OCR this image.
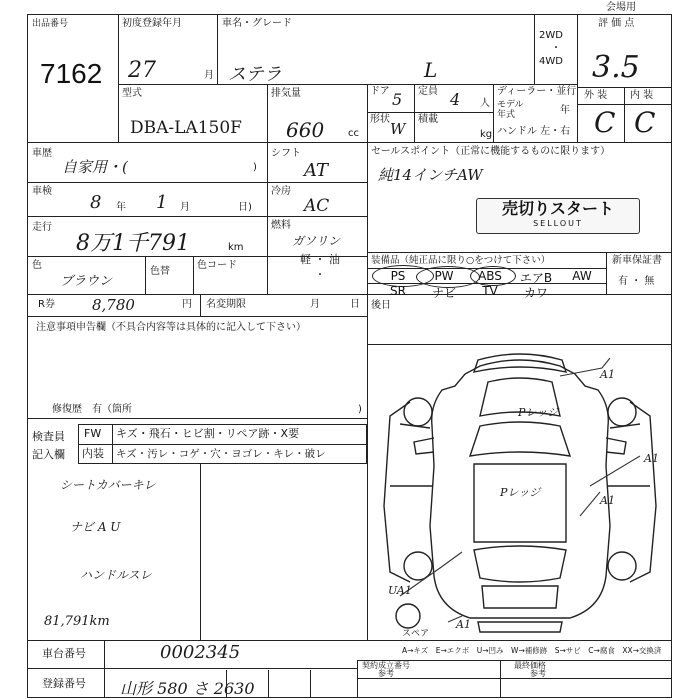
出品番号
会場用
7162
初度登録年月
27	月
車名・グレード
ステラ	L
2WD
・
4WD
評 価 点
3.5
外 装 内 装
C C
型式
DBA-LA150F
排気量
660 cc
ドア 5 定員 4 人
形状
W
積載
kg
ディーラー・並行
モデル
年式	年
ハンドル 左・右
車歴
自家用・(	)
車検
8 年 1 月	日)
走行
8万1千791	km
色
ブラウン
色替
色コード
シフト
AT
冷房
AC
燃料
ガソリン
軽 ・ 油
・
R券 8,780	円 名変期限	月	日
セールスポイント（正常に機能するものに限ります）
純14インチAW
売切りスタート
SELLOUT
装備品（純正品に限り○をつけて下さい）	新車保証書
有 ・ 無
PS	PW	ABS	エアB	AW
SR	ナビ	TV	カワ
注意事項申告欄（不具合内容等は具体的に記入して下さい）
修復歴　有（箇所	)
後日
検査員
記入欄
FW キズ・飛石・ヒビ割・リペア跡・X要
内装 キズ・汚レ・コゲ・穴・ヨゴレ・キレ・破レ
シートカバーキレ
ナビ A U
ハンドルスレ
81,791km
A1
Pレッジ
Pレッジ
A1
A1
UA1
A1
スペア
A→キズ　E→エクボ　U→凹み　W→補修跡　S→サビ　C→腐食　XX→交換済
車台番号	0002345
登録番号 山形 580 さ 2630
契約成立番号
参考
最終価格
参考
